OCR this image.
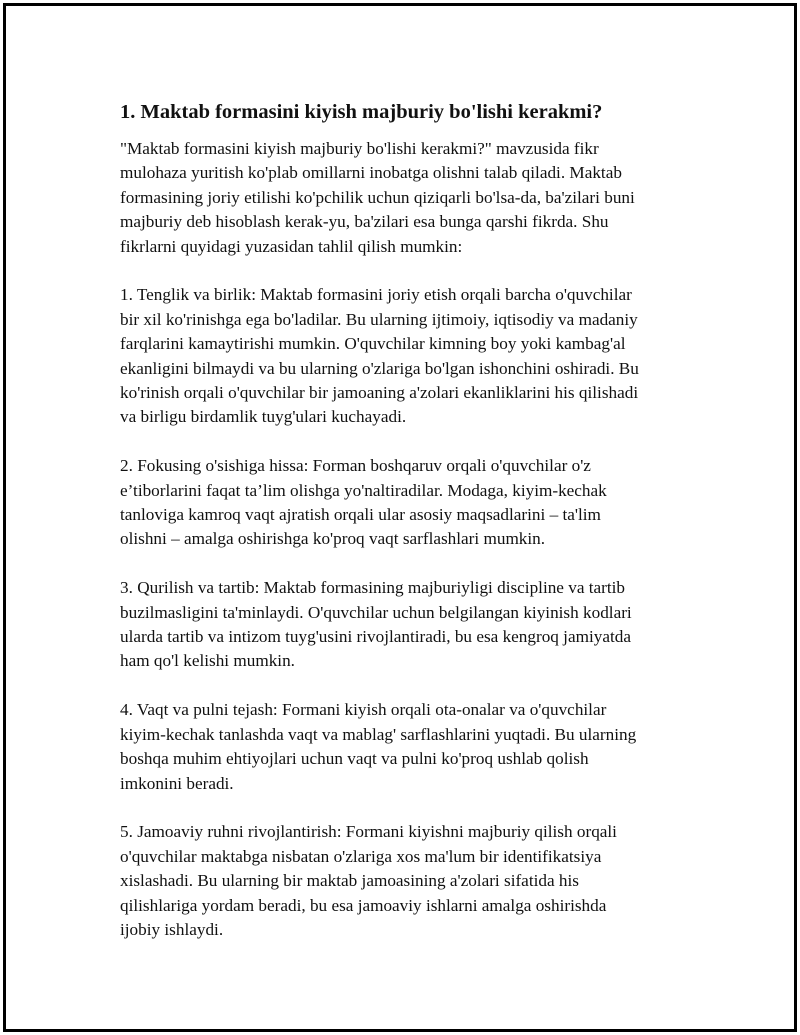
1. Maktab formasini kiyish majburiy bo'lishi kerakmi?

"Maktab formasini kiyish majburiy bo'lishi kerakmi?" mavzusida fikr
mulohaza yuritish ko'plab omillarni inobatga olishni talab qiladi. Maktab
formasining joriy etilishi ko'pchilik uchun qiziqarli bo'lsa-da, ba'zilari buni
majburiy deb hisoblash kerak-yu, ba'zilari esa bunga qarshi fikrda. Shu
fikrlarni quyidagi yuzasidan tahlil qilish mumkin:

1. Tenglik va birlik: Maktab formasini joriy etish orqali barcha o'quvchilar
bir xil ko'rinishga ega bo'ladilar. Bu ularning ijtimoiy, iqtisodiy va madaniy
farqlarini kamaytirishi mumkin. O'quvchilar kimning boy yoki kambag'al
ekanligini bilmaydi va bu ularning o'zlariga bo'lgan ishonchini oshiradi. Bu
ko'rinish orqali o'quvchilar bir jamoaning a'zolari ekanliklarini his qilishadi
va birligu birdamlik tuyg'ulari kuchayadi.

2. Fokusing o'sishiga hissa: Forman boshqaruv orqali o'quvchilar o'z
e’tiborlarini faqat ta’lim olishga yo'naltiradilar. Modaga, kiyim-kechak
tanloviga kamroq vaqt ajratish orqali ular asosiy maqsadlarini – ta'lim
olishni – amalga oshirishga ko'proq vaqt sarflashlari mumkin.

3. Qurilish va tartib: Maktab formasining majburiyligi discipline va tartib
buzilmasligini ta'minlaydi. O'quvchilar uchun belgilangan kiyinish kodlari
ularda tartib va intizom tuyg'usini rivojlantiradi, bu esa kengroq jamiyatda
ham qo'l kelishi mumkin.

4. Vaqt va pulni tejash: Formani kiyish orqali ota-onalar va o'quvchilar
kiyim-kechak tanlashda vaqt va mablag' sarflashlarini yuqtadi. Bu ularning
boshqa muhim ehtiyojlari uchun vaqt va pulni ko'proq ushlab qolish
imkonini beradi.

5. Jamoaviy ruhni rivojlantirish: Formani kiyishni majburiy qilish orqali
o'quvchilar maktabga nisbatan o'zlariga xos ma'lum bir identifikatsiya
xislashadi. Bu ularning bir maktab jamoasining a'zolari sifatida his
qilishlariga yordam beradi, bu esa jamoaviy ishlarni amalga oshirishda
ijobiy ishlaydi.
